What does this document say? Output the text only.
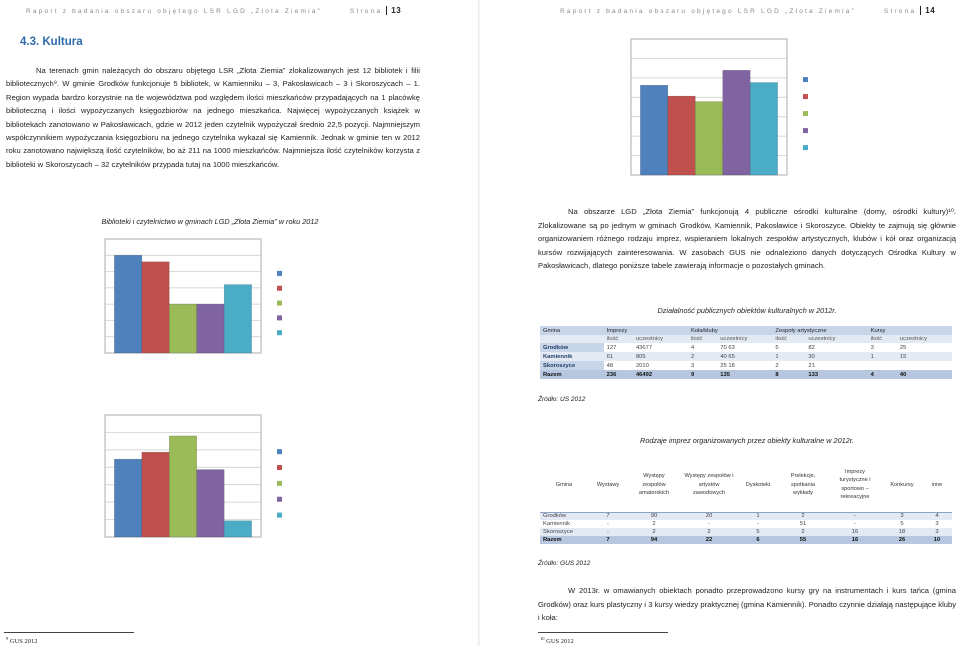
Raport z badania obszaru objętego LSR LGD „Złota Ziemia”	Strona 13
4.3. Kultura
Na terenach gmin należących do obszaru objętego LSR „Złota Ziemia” zlokalizowanych jest 12 bibliotek i filii bibliotecznych⁹. W gminie Grodków funkcjonuje 5 bibliotek, w Kamienniku – 3, Pakosławicach – 3 i Skoroszycach – 1. Region wypada bardzo korzystnie na tle województwa pod względem ilości mieszkańców przypadających na 1 placówkę biblioteczną i ilości wypożyczanych księgozbiorów na jednego mieszkańca. Najwięcej wypożyczanych książek w bibliotekach zanotowano w Pakosławicach, gdzie w 2012 jeden czytelnik wypożyczał średnio 22,5 pozycji. Najmniejszym współczynnikiem wypożyczania księgozbioru na jednego czytelnika wykazał się Kamiennik. Jednak w gminie ten w 2012 roku zanotowano największą ilość czytelników, bo aż 211 na 1000 mieszkańców. Najmniejsza ilość czytelników korzysta z biblioteki w Skoroszycach – 32 czytelników przypada tutaj na 1000 mieszkańców.
Biblioteki i czytelnictwo w gminach LGD „Złota Ziemia” w roku 2012
$^9$ GUS 2012
Raport z badania obszaru objętego LSR LGD „Złota Ziemia”	Strona 14
Na obszarze LGD „Złota Ziemia” funkcjonują 4 publiczne ośrodki kulturalne (domy, ośrodki kultury)¹⁰. Zlokalizowane są po jednym w gminach Grodków, Kamiennik, Pakosławice i Skoroszyce. Obiekty te zajmują się głównie organizowaniem różnego rodzaju imprez, wspieraniem lokalnych zespołów artystycznych, klubów i kół oraz organizacją kursów rozwijających zainteresowania. W zasobach GUS nie odnaleziono danych dotyczących Ośrodka Kultury w Pakosławicach, dlatego poniższe tabele zawierają informacje o pozostałych gminach.
Działalność publicznych obiektów kulturalnych w 2012r.
Gmina	Imprezy		Koła/kluby		Zespoły artystyczne		Kursy	
	ilość	uczestnicy	ilość	uczestnicy	ilość	uczestnicy	ilość	uczestnicy
Grodków	127	43677	4	70 63	5	82	3	25
Kamiennik	61	805	2	40 65	1	30	1	15
Skoroszyce	48	2010	3	25 18	2	21		
Razem	236	46492	9	135	8	133	4	40
Źródło: US 2012
Rodzaje imprez organizowanych przez obiekty kulturalne w 2012r.
Gmina	Wystawy	Występy zespołów amatorskich	Występy zespołów i artystów zawodowych	Dyskoteki	Prelekcje, spotkania wykłady	Imprezy turystyczne i sportowo – rekreacyjne	Konkursy	inne
Grodków	7	90	20	1	2	-	3	4
Kamiennik	-	2	-	-	51	-	5	3
Skoroszyce	-	2	2	5	2	16	18	3
Razem	7	94	22	6	55	16	26	10
Źródło: GUS 2012
W 2013r. w omawianych obiektach ponadto przeprowadzono kursy gry na instrumentach i kurs tańca (gmina Grodków) oraz kurs plastyczny i 3 kursy wiedzy praktycznej (gmina Kamiennik). Ponadto czynnie działają następujące kluby i koła:
$^{10}$ GUS 2012
